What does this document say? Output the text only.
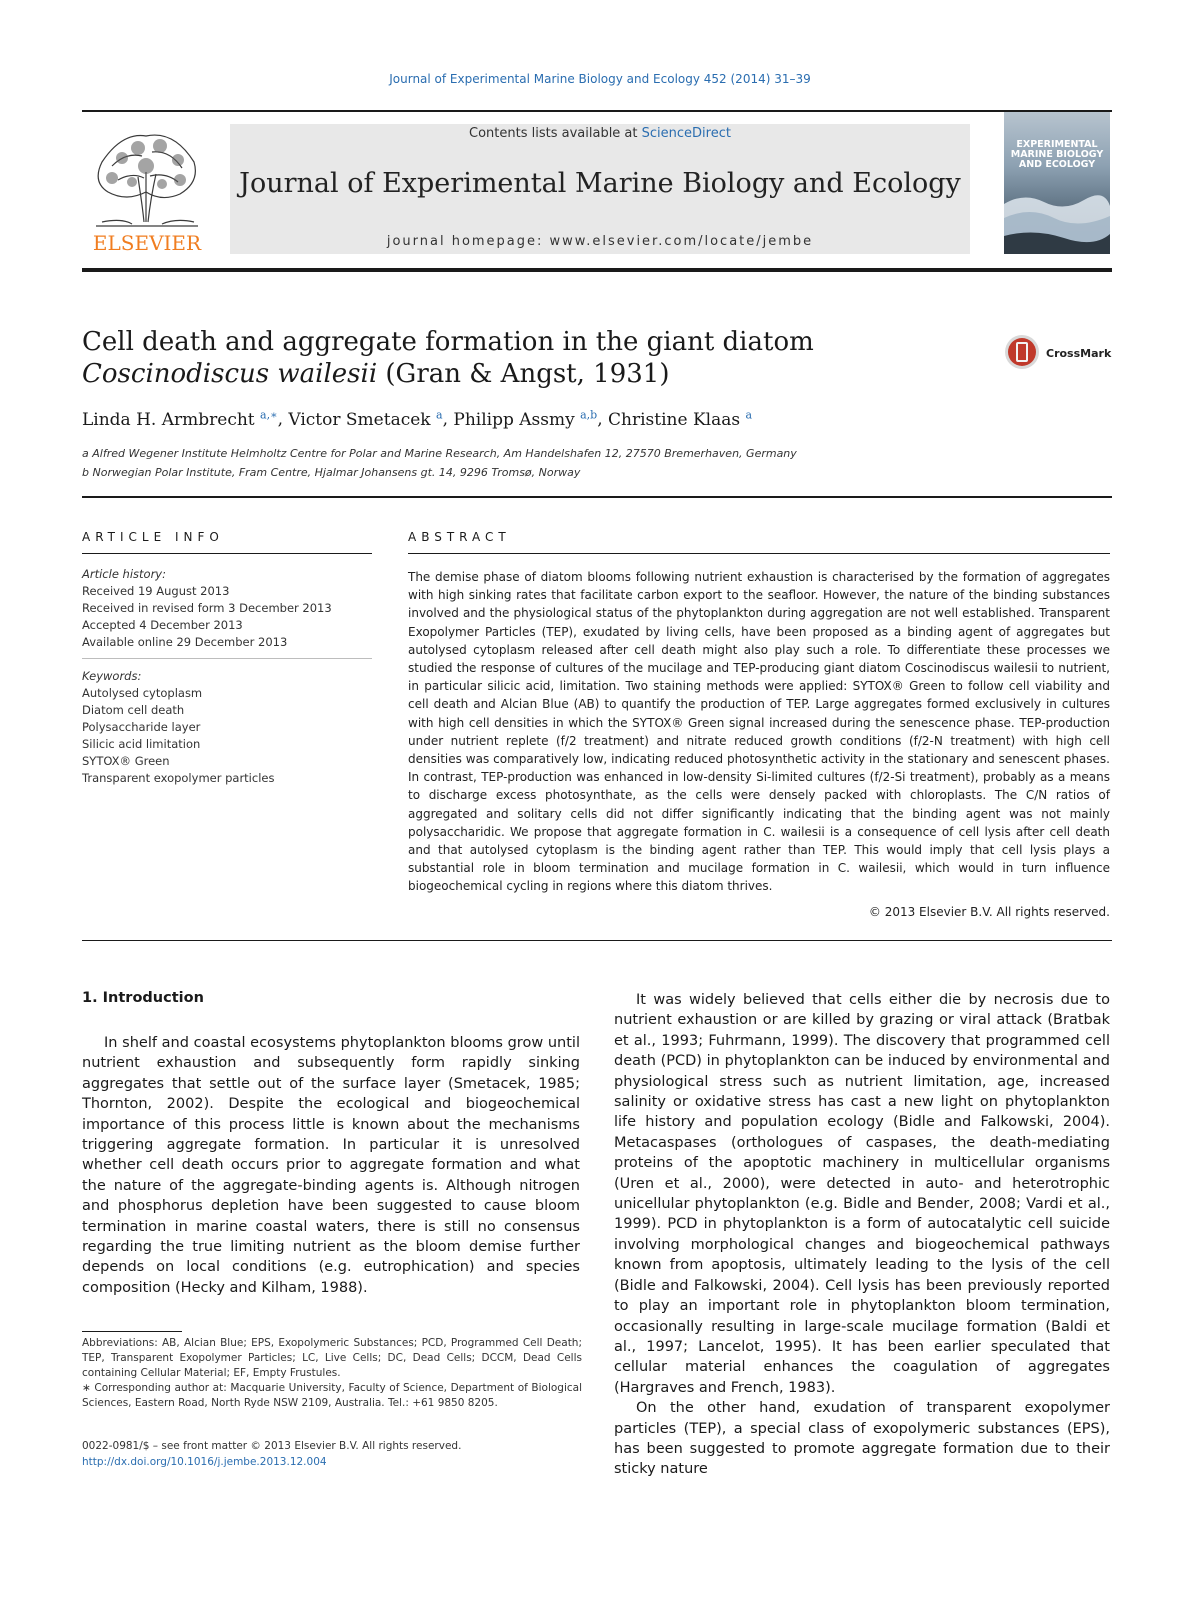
Journal of Experimental Marine Biology and Ecology 452 (2014) 31–39
ELSEVIER
Contents lists available at ScienceDirect
Journal of Experimental Marine Biology and Ecology
journal homepage: www.elsevier.com/locate/jembe
EXPERIMENTAL MARINE BIOLOGY AND ECOLOGY
Cell death and aggregate formation in the giant diatom
Coscinodiscus wailesii (Gran & Angst, 1931)
CrossMark
Linda H. Armbrecht $^{a,∗}$, Victor Smetacek $^a$, Philipp Assmy $^{a,b}$, Christine Klaas $^a$
a Alfred Wegener Institute Helmholtz Centre for Polar and Marine Research, Am Handelshafen 12, 27570 Bremerhaven, Germany
b Norwegian Polar Institute, Fram Centre, Hjalmar Johansens gt. 14, 9296 Tromsø, Norway
ARTICLE INFO
Article history:
Received 19 August 2013
Received in revised form 3 December 2013
Accepted 4 December 2013
Available online 29 December 2013
Keywords:
Autolysed cytoplasm
Diatom cell death
Polysaccharide layer
Silicic acid limitation
SYTOX® Green
Transparent exopolymer particles
ABSTRACT
The demise phase of diatom blooms following nutrient exhaustion is characterised by the formation of aggregates with high sinking rates that facilitate carbon export to the seafloor. However, the nature of the binding substances involved and the physiological status of the phytoplankton during aggregation are not well established. Transparent Exopolymer Particles (TEP), exudated by living cells, have been proposed as a binding agent of aggregates but autolysed cytoplasm released after cell death might also play such a role. To differentiate these processes we studied the response of cultures of the mucilage and TEP-producing giant diatom Coscinodiscus wailesii to nutrient, in particular silicic acid, limitation. Two staining methods were applied: SYTOX® Green to follow cell viability and cell death and Alcian Blue (AB) to quantify the production of TEP. Large aggregates formed exclusively in cultures with high cell densities in which the SYTOX® Green signal increased during the senescence phase. TEP-production under nutrient replete (f/2 treatment) and nitrate reduced growth conditions (f/2-N treatment) with high cell densities was comparatively low, indicating reduced photosynthetic activity in the stationary and senescent phases. In contrast, TEP-production was enhanced in low-density Si-limited cultures (f/2-Si treatment), probably as a means to discharge excess photosynthate, as the cells were densely packed with chloroplasts. The C/N ratios of aggregated and solitary cells did not differ significantly indicating that the binding agent was not mainly polysaccharidic. We propose that aggregate formation in C. wailesii is a consequence of cell lysis after cell death and that autolysed cytoplasm is the binding agent rather than TEP. This would imply that cell lysis plays a substantial role in bloom termination and mucilage formation in C. wailesii, which would in turn influence biogeochemical cycling in regions where this diatom thrives.
© 2013 Elsevier B.V. All rights reserved.
1. Introduction
In shelf and coastal ecosystems phytoplankton blooms grow until nutrient exhaustion and subsequently form rapidly sinking aggregates that settle out of the surface layer (Smetacek, 1985; Thornton, 2002). Despite the ecological and biogeochemical importance of this process little is known about the mechanisms triggering aggregate formation. In particular it is unresolved whether cell death occurs prior to aggregate formation and what the nature of the aggregate-binding agents is. Although nitrogen and phosphorus depletion have been suggested to cause bloom termination in marine coastal waters, there is still no consensus regarding the true limiting nutrient as the bloom demise further depends on local conditions (e.g. eutrophication) and species composition (Hecky and Kilham, 1988).
It was widely believed that cells either die by necrosis due to nutrient exhaustion or are killed by grazing or viral attack (Bratbak et al., 1993; Fuhrmann, 1999). The discovery that programmed cell death (PCD) in phytoplankton can be induced by environmental and physiological stress such as nutrient limitation, age, increased salinity or oxidative stress has cast a new light on phytoplankton life history and population ecology (Bidle and Falkowski, 2004). Metacaspases (orthologues of caspases, the death-mediating proteins of the apoptotic machinery in multicellular organisms (Uren et al., 2000), were detected in auto- and heterotrophic unicellular phytoplankton (e.g. Bidle and Bender, 2008; Vardi et al., 1999). PCD in phytoplankton is a form of autocatalytic cell suicide involving morphological changes and biogeochemical pathways known from apoptosis, ultimately leading to the lysis of the cell (Bidle and Falkowski, 2004). Cell lysis has been previously reported to play an important role in phytoplankton bloom termination, occasionally resulting in large-scale mucilage formation (Baldi et al., 1997; Lancelot, 1995). It has been earlier speculated that cellular material enhances the coagulation of aggregates (Hargraves and French, 1983).
On the other hand, exudation of transparent exopolymer particles (TEP), a special class of exopolymeric substances (EPS), has been suggested to promote aggregate formation due to their sticky nature
Abbreviations: AB, Alcian Blue; EPS, Exopolymeric Substances; PCD, Programmed Cell Death; TEP, Transparent Exopolymer Particles; LC, Live Cells; DC, Dead Cells; DCCM, Dead Cells containing Cellular Material; EF, Empty Frustules.
∗ Corresponding author at: Macquarie University, Faculty of Science, Department of Biological Sciences, Eastern Road, North Ryde NSW 2109, Australia. Tel.: +61 9850 8205.
0022-0981/$ – see front matter © 2013 Elsevier B.V. All rights reserved.
http://dx.doi.org/10.1016/j.jembe.2013.12.004
